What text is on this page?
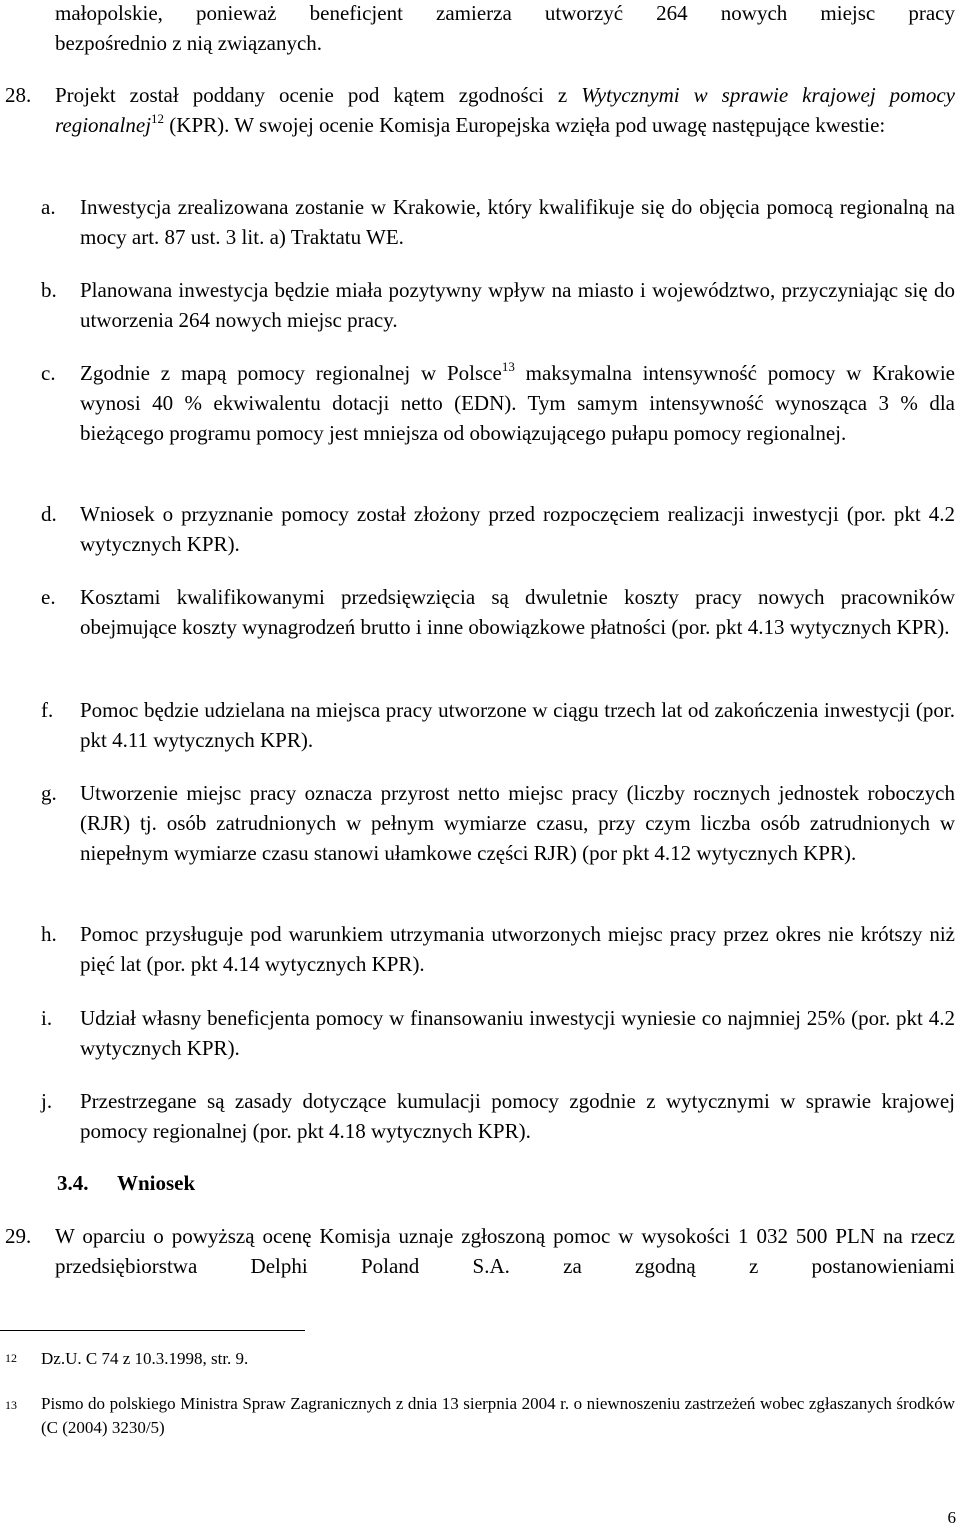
małopolskie, ponieważ beneficjent zamierza utworzyć 264 nowych miejsc pracy
bezpośrednio z nią związanych.
28. Projekt został poddany ocenie pod kątem zgodności z Wytycznymi w sprawie krajowej pomocy regionalnej$^{12}$ (KPR). W swojej ocenie Komisja Europejska wzięła pod uwagę następujące kwestie:
a. Inwestycja zrealizowana zostanie w Krakowie, który kwalifikuje się do objęcia pomocą regionalną na mocy art. 87 ust. 3 lit. a) Traktatu WE.
b. Planowana inwestycja będzie miała pozytywny wpływ na miasto i województwo, przyczyniając się do utworzenia 264 nowych miejsc pracy.
c. Zgodnie z mapą pomocy regionalnej w Polsce$^{13}$ maksymalna intensywność pomocy w Krakowie wynosi 40 % ekwiwalentu dotacji netto (EDN). Tym samym intensywność wynosząca 3 % dla bieżącego programu pomocy jest mniejsza od obowiązującego pułapu pomocy regionalnej.
d. Wniosek o przyznanie pomocy został złożony przed rozpoczęciem realizacji inwestycji (por. pkt 4.2 wytycznych KPR).
e. Kosztami kwalifikowanymi przedsięwzięcia są dwuletnie koszty pracy nowych pracowników obejmujące koszty wynagrodzeń brutto i inne obowiązkowe płatności (por. pkt 4.13 wytycznych KPR).
f. Pomoc będzie udzielana na miejsca pracy utworzone w ciągu trzech lat od zakończenia inwestycji (por. pkt 4.11 wytycznych KPR).
g. Utworzenie miejsc pracy oznacza przyrost netto miejsc pracy (liczby rocznych jednostek roboczych (RJR) tj. osób zatrudnionych w pełnym wymiarze czasu, przy czym liczba osób zatrudnionych w niepełnym wymiarze czasu stanowi ułamkowe części RJR) (por pkt 4.12 wytycznych KPR).
h. Pomoc przysługuje pod warunkiem utrzymania utworzonych miejsc pracy przez okres nie krótszy niż pięć lat (por. pkt 4.14 wytycznych KPR).
i. Udział własny beneficjenta pomocy w finansowaniu inwestycji wyniesie co najmniej 25% (por. pkt 4.2 wytycznych KPR).
j. Przestrzegane są zasady dotyczące kumulacji pomocy zgodnie z wytycznymi w sprawie krajowej pomocy regionalnej (por. pkt 4.18 wytycznych KPR).
3.4. Wniosek
29. W oparciu o powyższą ocenę Komisja uznaje zgłoszoną pomoc w wysokości 1 032 500 PLN na rzecz przedsiębiorstwa Delphi Poland S.A. za zgodną z postanowieniami
12 Dz.U. C 74 z 10.3.1998, str. 9.
13 Pismo do polskiego Ministra Spraw Zagranicznych z dnia 13 sierpnia 2004 r. o niewnoszeniu zastrzeżeń wobec zgłaszanych środków (C (2004) 3230/5)
6
